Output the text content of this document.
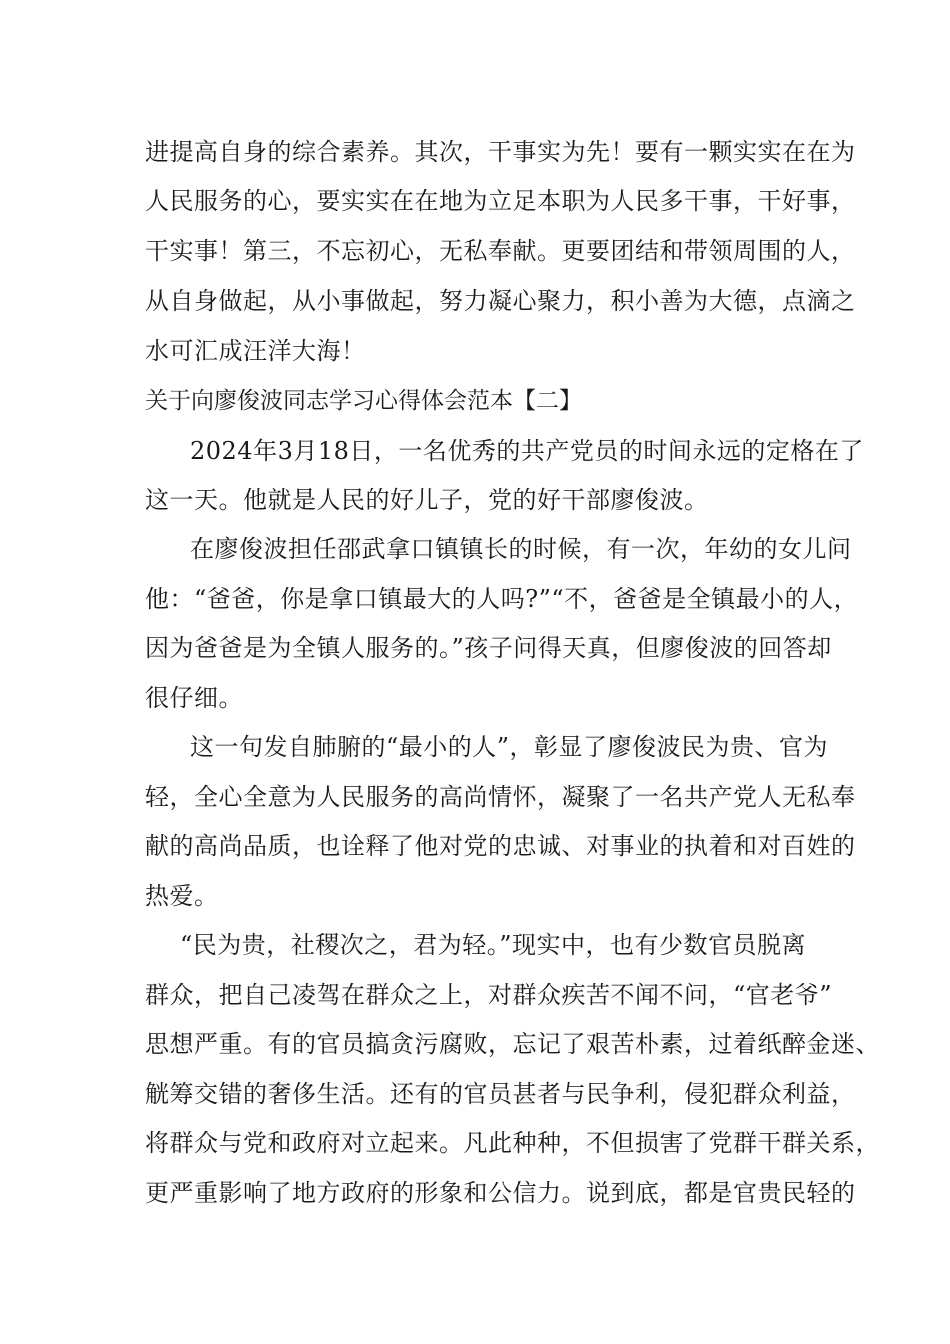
进提高自身的综合素养。其次，干事实为先！要有一颗实实在在为
人民服务的心，要实实在在地为立足本职为人民多干事，干好事，
干实事！第三，不忘初心，无私奉献。更要团结和带领周围的人，
从自身做起，从小事做起，努力凝心聚力，积小善为大德，点滴之
水可汇成汪洋大海！
关于向廖俊波同志学习心得体会范本【二】
2024年3月18日，一名优秀的共产党员的时间永远的定格在了
这一天。他就是人民的好儿子，党的好干部廖俊波。
在廖俊波担任邵武拿口镇镇长的时候，有一次，年幼的女儿问
他：“爸爸，你是拿口镇最大的人吗?”“不，爸爸是全镇最小的人，
因为爸爸是为全镇人服务的。”孩子问得天真，但廖俊波的回答却
很仔细。
这一句发自肺腑的“最小的人”，彰显了廖俊波民为贵、官为
轻，全心全意为人民服务的高尚情怀，凝聚了一名共产党人无私奉
献的高尚品质，也诠释了他对党的忠诚、对事业的执着和对百姓的
热爱。
“民为贵，社稷次之，君为轻。”现实中，也有少数官员脱离
群众，把自己凌驾在群众之上，对群众疾苦不闻不问，“官老爷”
思想严重。有的官员搞贪污腐败，忘记了艰苦朴素，过着纸醉金迷、
觥筹交错的奢侈生活。还有的官员甚者与民争利，侵犯群众利益，
将群众与党和政府对立起来。凡此种种，不但损害了党群干群关系，
更严重影响了地方政府的形象和公信力。说到底，都是官贵民轻的
